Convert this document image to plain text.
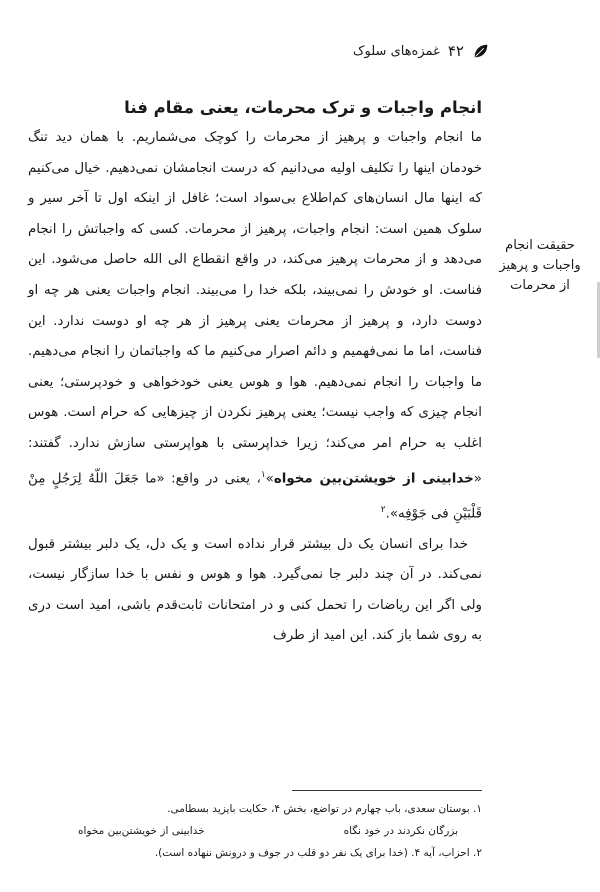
۴۲
غمزه‌های سلوک
حقیقت انجام
واجبات و پرهیز
از محرمات
انجام واجبات و ترک محرمات، یعنی مقام فنا

ما انجام واجبات و پرهیز از محرمات را کوچک می‌شماریم. با همان دید تنگ خودمان اینها را تکلیف اولیه می‌دانیم که درست انجامشان نمی‌دهیم. خیال می‌کنیم که اینها مال انسان‌های کم‌اطلاع بی‌سواد است؛ غافل از اینکه اول تا آخر سیر و سلوک همین است: انجام واجبات، پرهیز از محرمات. کسی که واجباتش را انجام می‌دهد و از محرمات پرهیز می‌کند، در واقع انقطاع الی الله حاصل می‌شود. این فناست. او خودش را نمی‌بیند، بلکه خدا را می‌بیند. انجام واجبات یعنی هر چه او دوست دارد، و پرهیز از محرمات یعنی پرهیز از هر چه او دوست ندارد. این فناست، اما ما نمی‌فهمیم و دائم اصرار می‌کنیم ما که واجباتمان را انجام می‌دهیم. ما واجبات را انجام نمی‌دهیم. هوا و هوس یعنی خودخواهی و خودپرستی؛ یعنی انجام چیزی که واجب نیست؛ یعنی پرهیز نکردن از چیزهایی که حرام است. هوس اغلب به حرام امر می‌کند؛ زیرا خداپرستی با هواپرستی سازش ندارد. گفتند: «خدابینی از خویشتن‌بین مخواه»$^۱$، یعنی در واقع: «ما جَعَلَ اللّهُ لِرَجُلٍ مِنْ قَلْبَیْنِ فی جَوْفِه».$^۲$

خدا برای انسان یک دل بیشتر قرار نداده است و یک دل، یک دلبر بیشتر قبول نمی‌کند. در آن چند دلبر جا نمی‌گیرد. هوا و هوس و نفس با خدا سازگار نیست، ولی اگر این ریاضات را تحمل کنی و در امتحانات ثابت‌قدم باشی، امید است دری به روی شما باز کند. این امید از طرف

۱. بوستان سعدی، باب چهارم در تواضع، بخش ۴، حکایت بایزید بسطامی.
بزرگان نکردند در خود نگاه
خدابینی از خویشتن‌بین مخواه
۲. احزاب، آیه ۴. (خدا برای یک نفر دو قلب در جوف و درونش ننهاده است).
